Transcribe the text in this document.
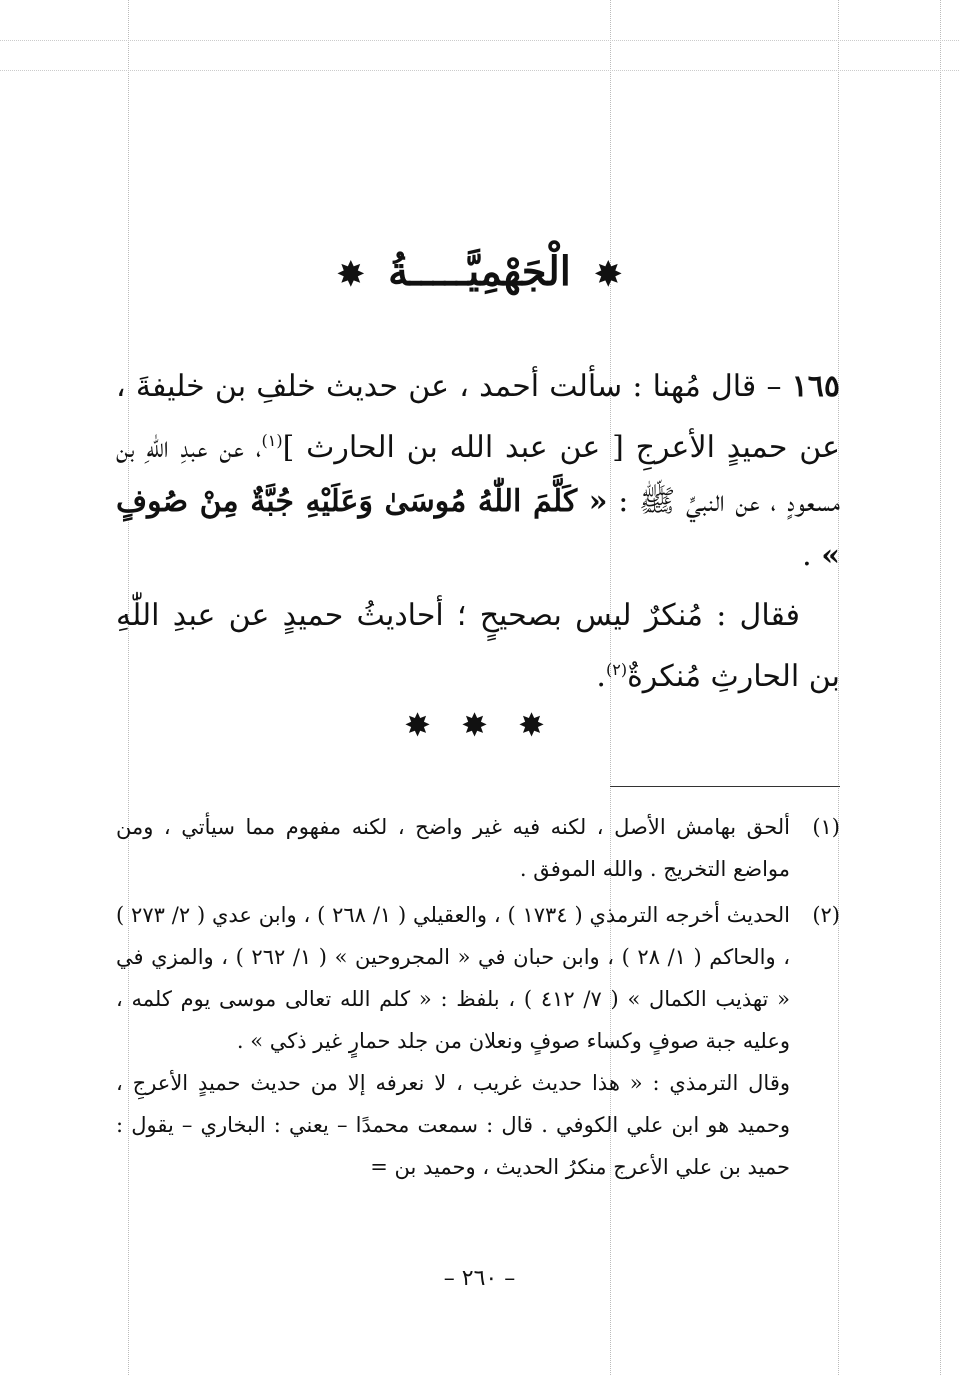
✸ الْجَهْمِيَّـــــةُ ✸

١٦٥ – قال مُهنا : سألت أحمد ، عن حديث خلفِ بن خليفةَ ، عن حميدٍ الأعرجِ [ عن عبد الله بن الحارث ]$^{(١)}$، عن عبدِ اللّٰهِ بن مسعودٍ ، عن النبيِّ ﷺ : « كَلَّمَ اللّٰهُ مُوسَىٰ وَعَلَيْهِ جُبَّةٌ مِنْ صُوفٍ » .

فقال : مُنكرٌ ليس بصحيحٍ ؛ أحاديثُ حميدٍ عن عبدِ اللّٰهِ بن الحارثِ مُنكرةٌ$^{(٢)}$.

✸ ✸ ✸

(١)
ألحق بهامش الأصل ، لكنه فيه غير واضح ، لكنه مفهوم مما سيأتي ، ومن مواضع التخريج . والله الموفق .

(٢)
الحديث أخرجه الترمذي ( ١٧٣٤ ) ، والعقيلي ( ١/ ٢٦٨ ) ، وابن عدي ( ٢/ ٢٧٣ ) ، والحاكم ( ١/ ٢٨ ) ، وابن حبان في « المجروحين » ( ١/ ٢٦٢ ) ، والمزي في « تهذيب الكمال » ( ٧/ ٤١٢ ) ، بلفظ : « كلم الله تعالى موسى يوم كلمه ، وعليه جبة صوفٍ وكساء صوفٍ ونعلان من جلد حمارٍ غير ذكي » .
وقال الترمذي : « هذا حديث غريب ، لا نعرفه إلا من حديث حميدٍ الأعرجِ ، وحميد هو ابن علي الكوفي . قال : سمعت محمدًا – يعني : البخاري – يقول : حميد بن علي الأعرج منكرُ الحديث ، وحميد بن =

– ٢٦٠ –
